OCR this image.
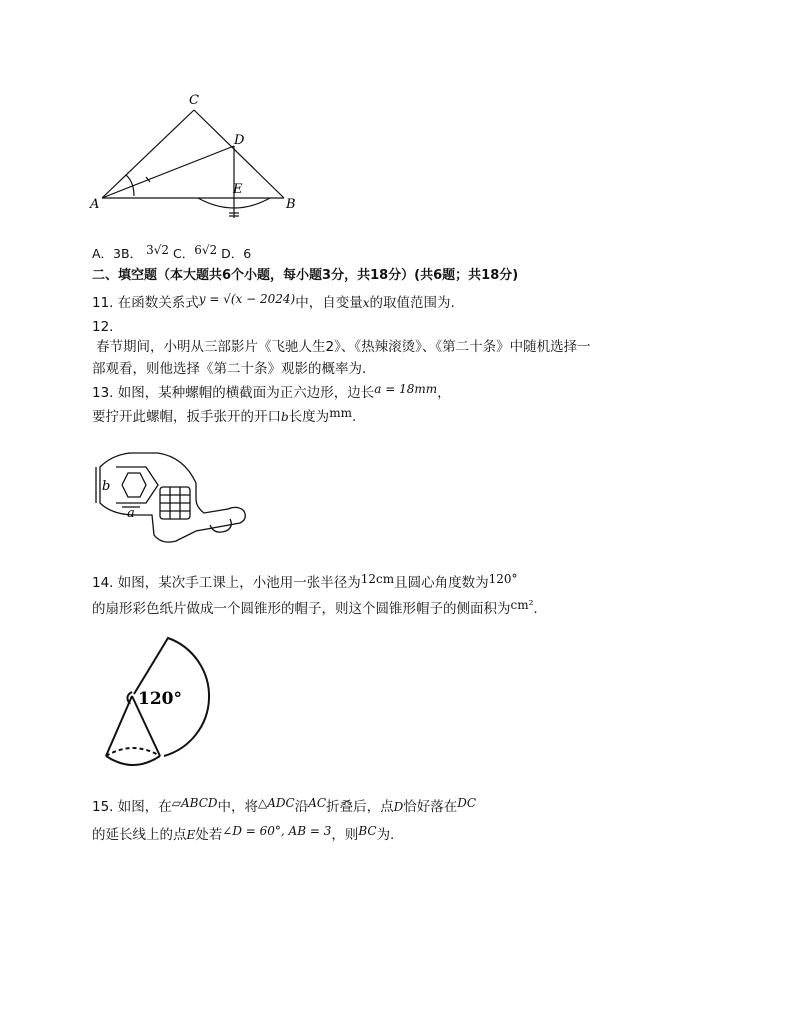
C
D
A
E
B
A．3B． 3√2 C．6√2 D．6
二、填空题（本大题共6个小题，每小题3分，共18分）(共6题；共18分)
11. 在函数关系式y = √(x − 2024)中，自变量x的取值范围为.
12.
春节期间，小明从三部影片《飞驰人生2》、《热辣滚烫》、《第二十条》中随机选择一
部观看，则他选择《第二十条》观影的概率为.
13. 如图，某种螺帽的横截面为正六边形，边长a = 18mm，
要拧开此螺帽，扳手张开的开口b长度为mm.
b
a
14. 如图，某次手工课上，小池用一张半径为12cm且圆心角度数为120°
的扇形彩色纸片做成一个圆锥形的帽子，则这个圆锥形帽子的侧面积为cm².
120°
15. 如图，在▱ABCD中，将△ADC沿AC折叠后，点D恰好落在DC
的延长线上的点E处若∠D = 60°, AB = 3，则BC为.
